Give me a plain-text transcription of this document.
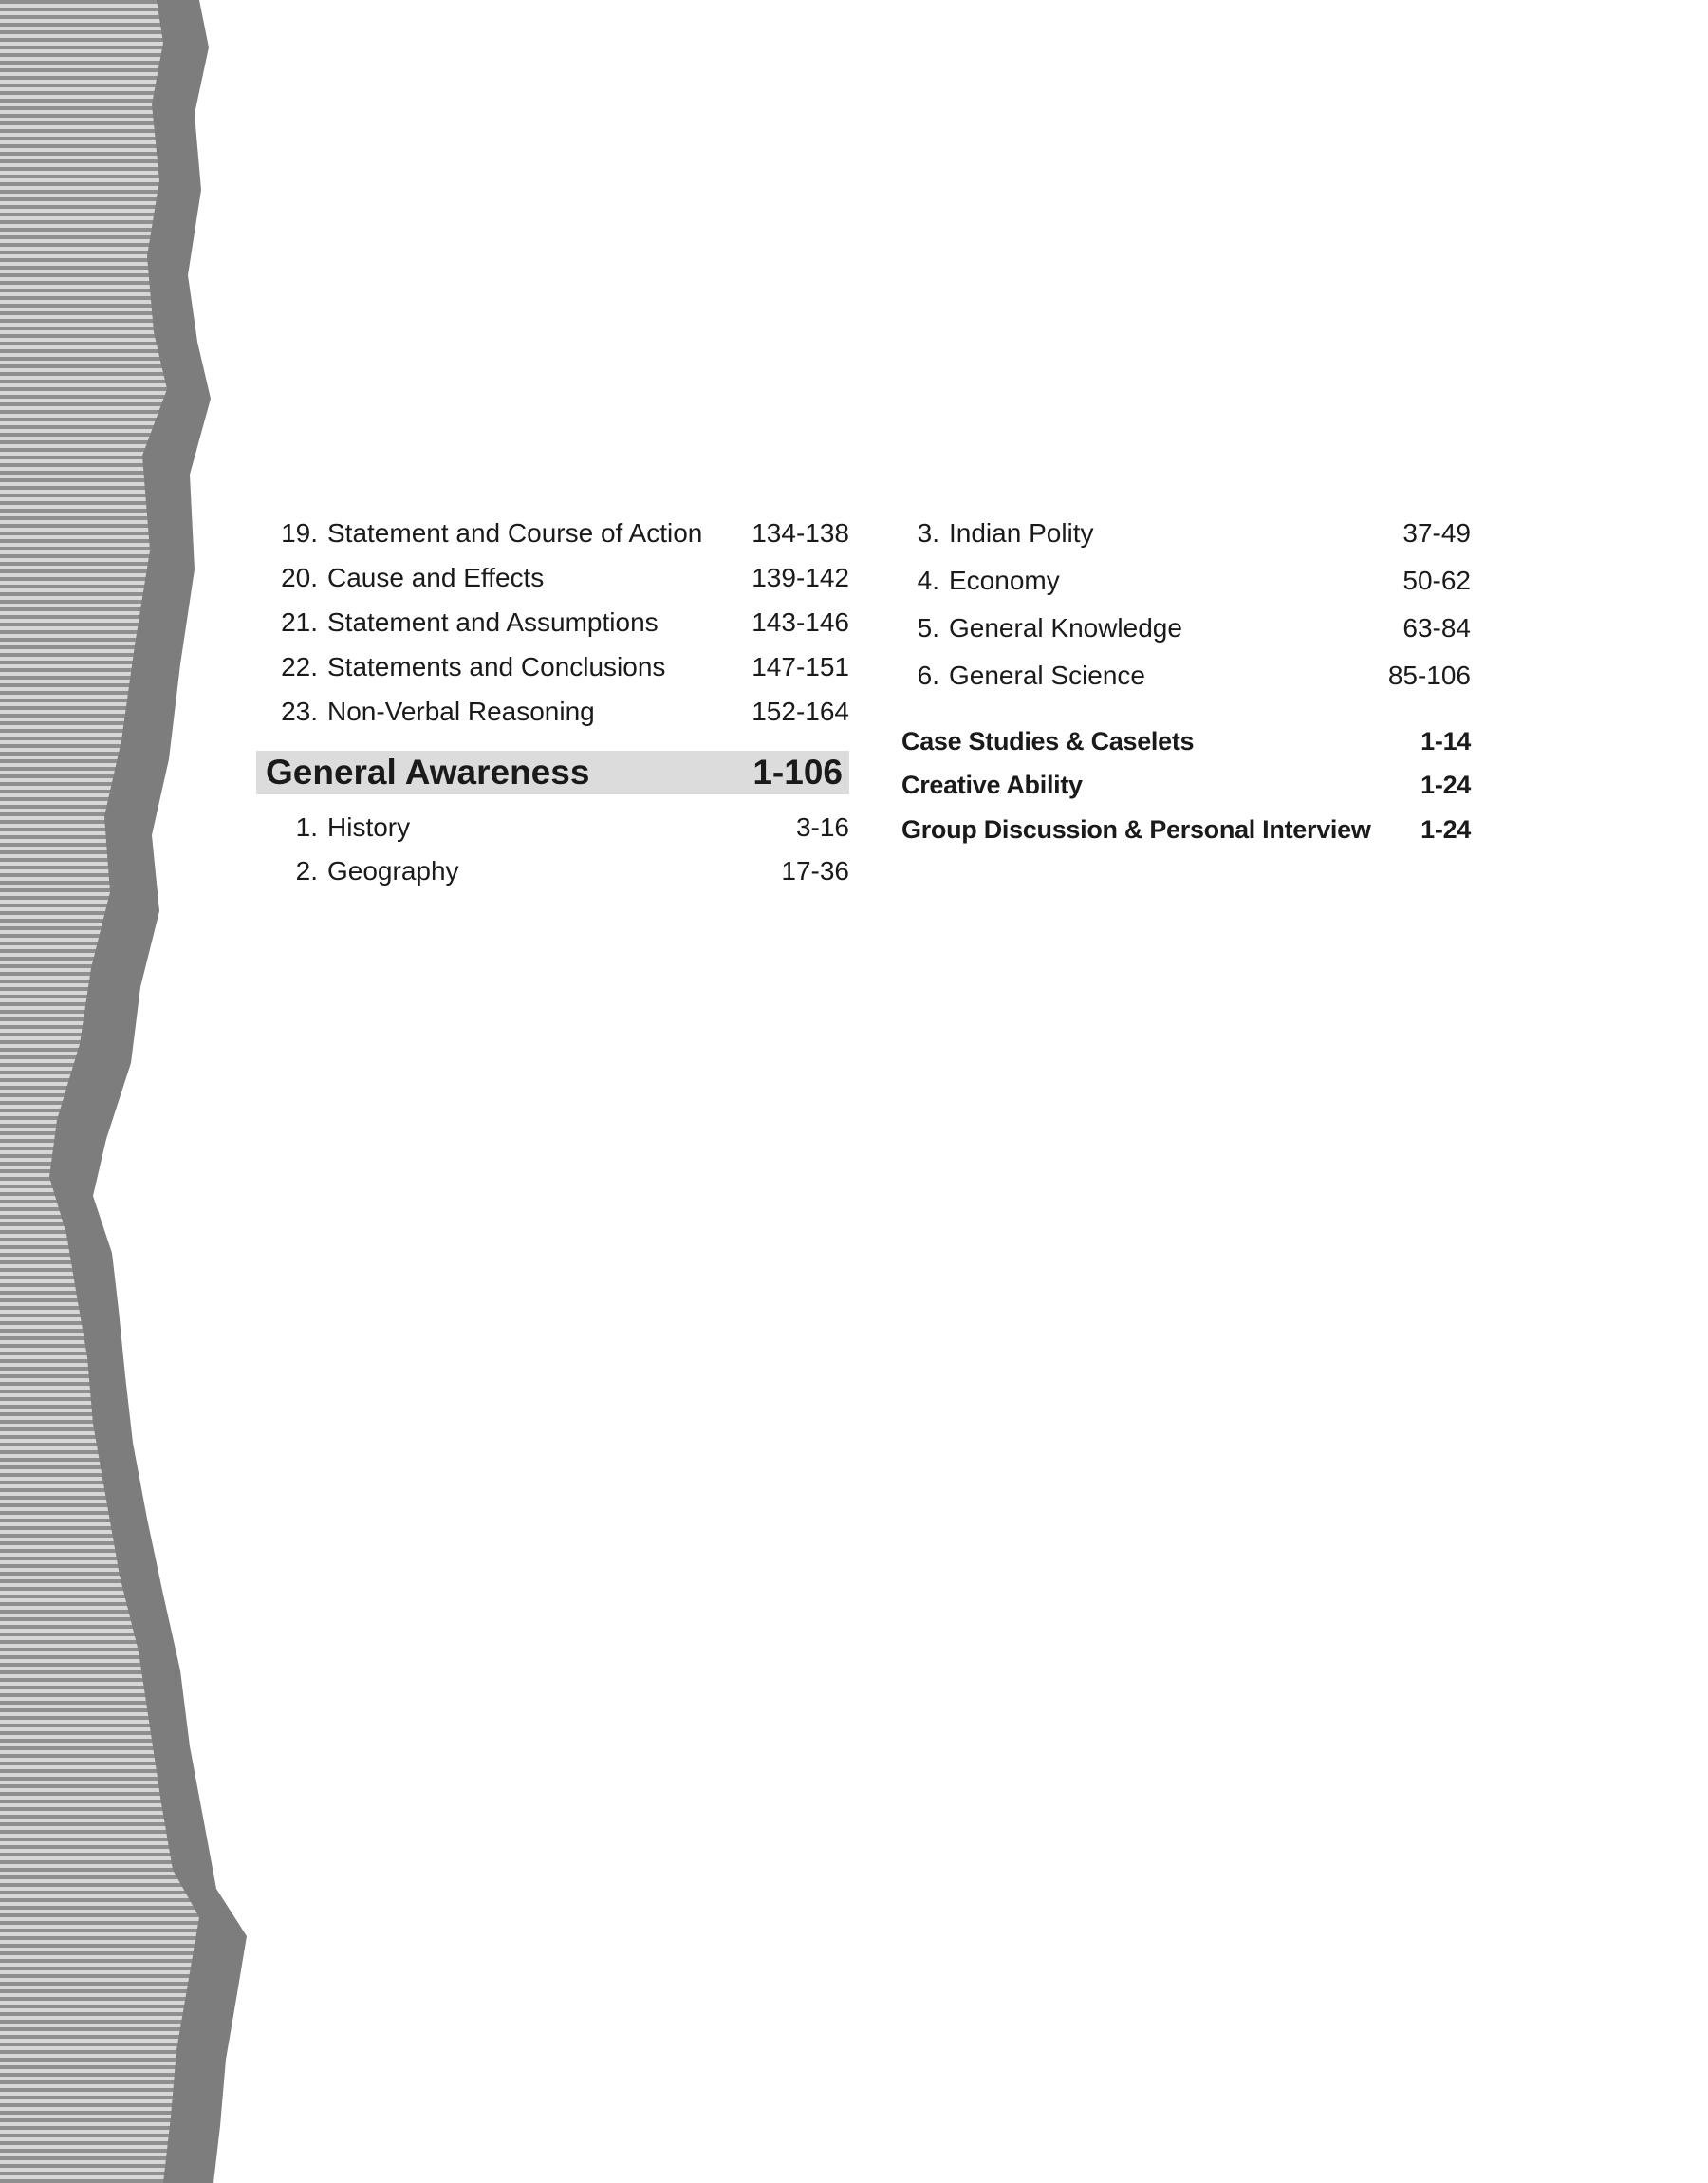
19. Statement and Course of Action 134-138
20. Cause and Effects	139-142
21. Statement and Assumptions	143-146
22. Statements and Conclusions	147-151
23. Non-Verbal Reasoning	152-164
General Awareness	1-106
1. History	3-16
2. Geography	17-36
3. Indian Polity	37-49
4. Economy	50-62
5. General Knowledge	63-84
6. General Science	85-106
Case Studies & Caselets	1-14
Creative Ability	1-24
Group Discussion & Personal Interview 1-24
